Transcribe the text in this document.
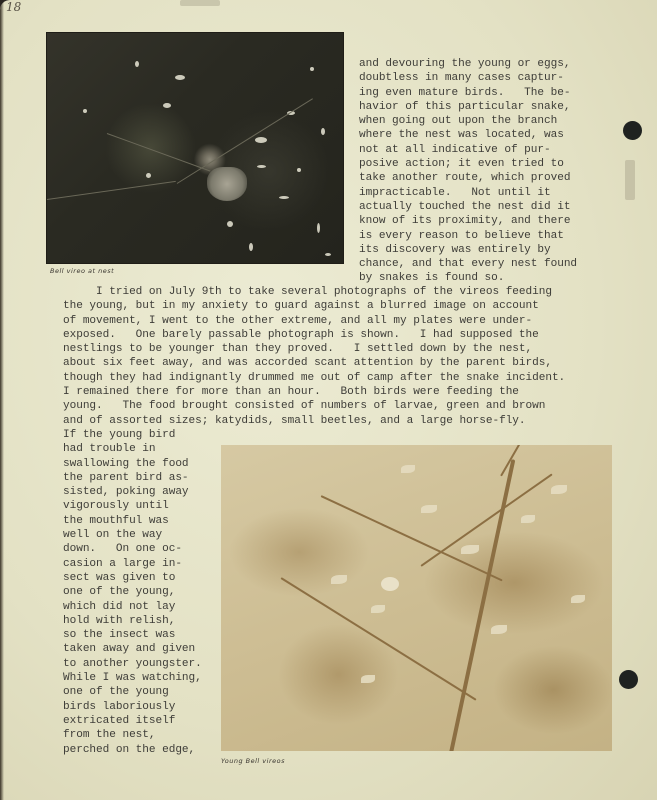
18
Bell vireo at nest
and devouring the young or eggs,
doubtless in many cases captur-
ing even mature birds.   The be-
havior of this particular snake,
when going out upon the branch
where the nest was located, was
not at all indicative of pur-
posive action; it even tried to
take another route, which proved
impracticable.   Not until it
actually touched the nest did it
know of its proximity, and there
is every reason to believe that
its discovery was entirely by
chance, and that every nest found
by snakes is found so.
I tried on July 9th to take several photographs of the vireos feeding
the young, but in my anxiety to guard against a blurred image on account
of movement, I went to the other extreme, and all my plates were under-
exposed.   One barely passable photograph is shown.   I had supposed the
nestlings to be younger than they proved.   I settled down by the nest,
about six feet away, and was accorded scant attention by the parent birds,
though they had indignantly drummed me out of camp after the snake incident.
I remained there for more than an hour.   Both birds were feeding the
young.   The food brought consisted of numbers of larvae, green and brown
and of assorted sizes; katydids, small beetles, and a large horse-fly.
If the young bird
had trouble in
swallowing the food
the parent bird as-
sisted, poking away
vigorously until
the mouthful was
well on the way
down.   On one oc-
casion a large in-
sect was given to
one of the young,
which did not lay
hold with relish,
so the insect was
taken away and given
to another youngster.
While I was watching,
one of the young
birds laboriously
extricated itself
from the nest,
perched on the edge,
Young Bell vireos
